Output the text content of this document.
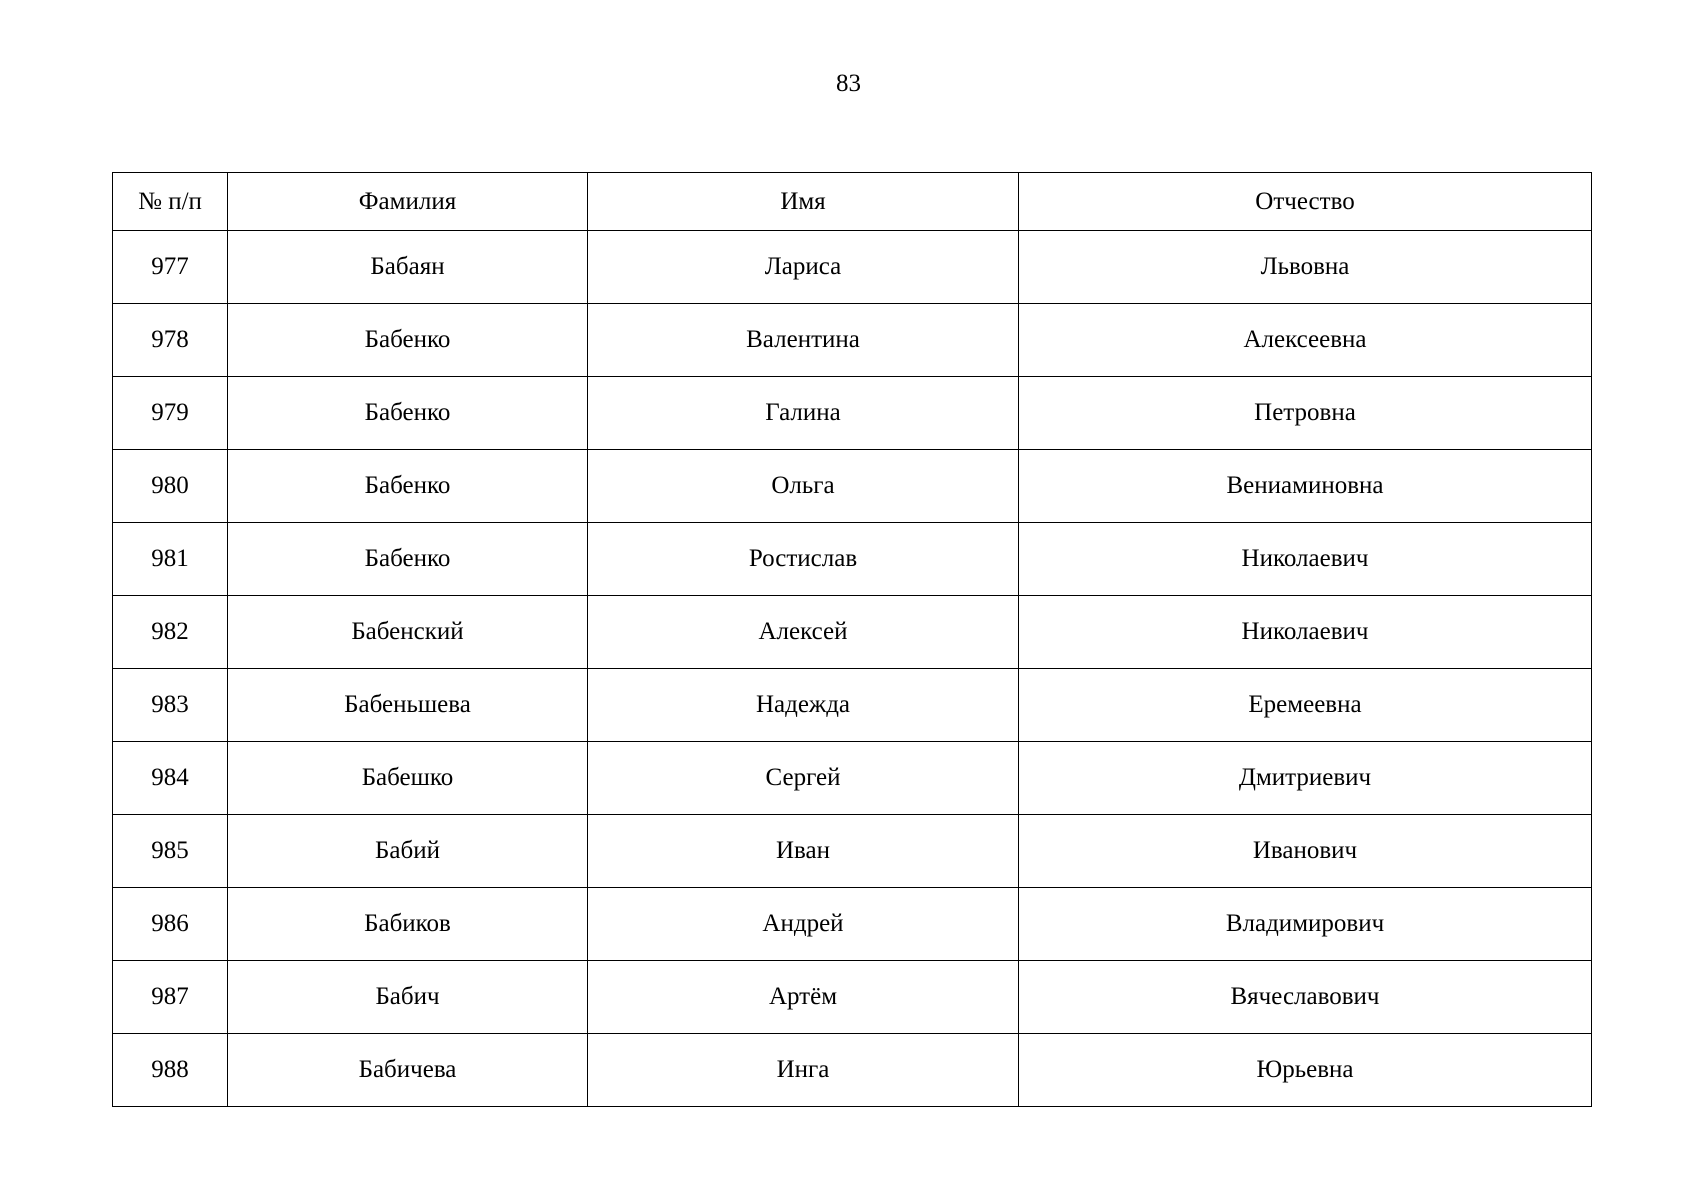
83
№ п/п	Фамилия	Имя	Отчество
977	Бабаян	Лариса	Львовна
978	Бабенко	Валентина	Алексеевна
979	Бабенко	Галина	Петровна
980	Бабенко	Ольга	Вениаминовна
981	Бабенко	Ростислав	Николаевич
982	Бабенский	Алексей	Николаевич
983	Бабеньшева	Надежда	Еремеевна
984	Бабешко	Сергей	Дмитриевич
985	Бабий	Иван	Иванович
986	Бабиков	Андрей	Владимирович
987	Бабич	Артём	Вячеславович
988	Бабичева	Инга	Юрьевна
